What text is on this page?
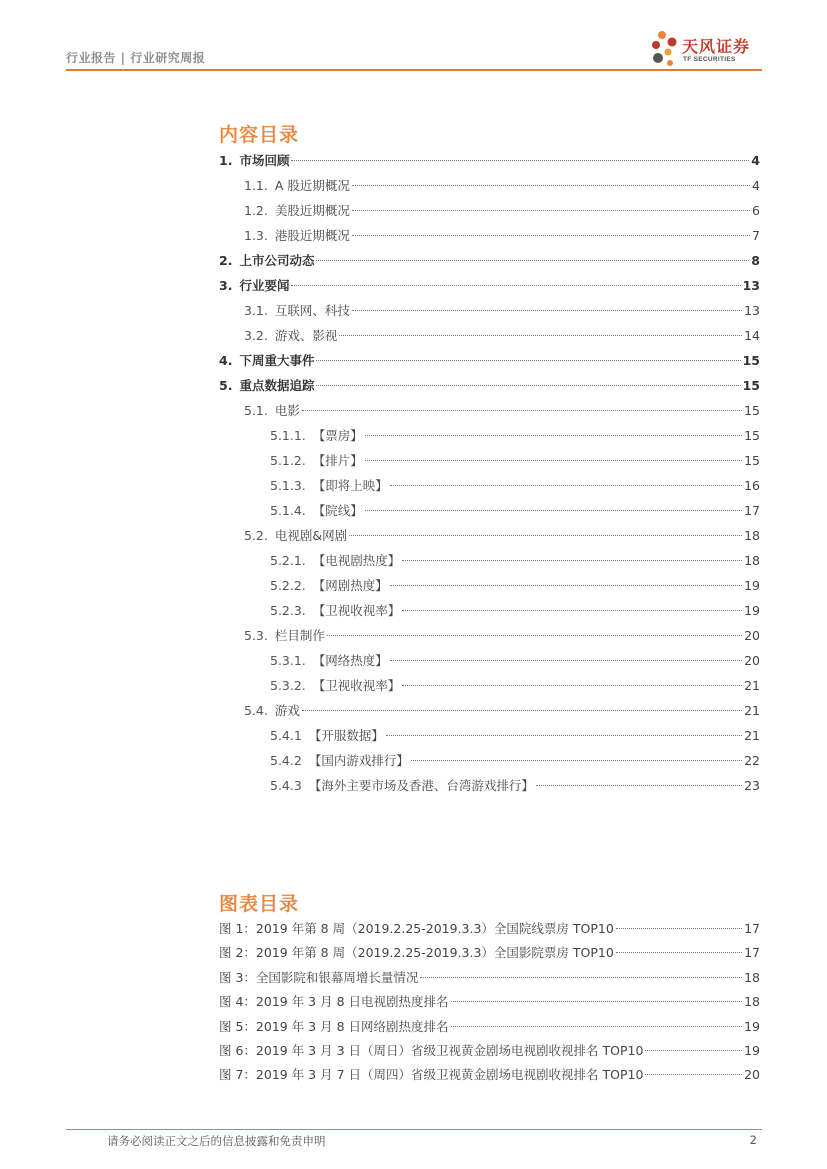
行业报告 | 行业研究周报
天风证券
TF SECURITIES
内容目录
1. 市场回顾	4
1.1. A 股近期概况	4
1.2. 美股近期概况	6
1.3. 港股近期概况	7
2. 上市公司动态	8
3. 行业要闻	13
3.1. 互联网、科技	13
3.2. 游戏、影视	14
4. 下周重大事件	15
5. 重点数据追踪	15
5.1. 电影	15
5.1.1. 【票房】	15
5.1.2. 【排片】	15
5.1.3. 【即将上映】	16
5.1.4. 【院线】	17
5.2. 电视剧&网剧	18
5.2.1. 【电视剧热度】	18
5.2.2. 【网剧热度】	19
5.2.3. 【卫视收视率】	19
5.3. 栏目制作	20
5.3.1. 【网络热度】	20
5.3.2. 【卫视收视率】	21
5.4. 游戏	21
5.4.1 【开服数据】	21
5.4.2 【国内游戏排行】	22
5.4.3 【海外主要市场及香港、台湾游戏排行】	23
图表目录
图 1：2019 年第 8 周（2019.2.25-2019.3.3）全国院线票房 TOP10	17
图 2：2019 年第 8 周（2019.2.25-2019.3.3）全国影院票房 TOP10	17
图 3：全国影院和银幕周增长量情况	18
图 4：2019 年 3 月 8 日电视剧热度排名	18
图 5：2019 年 3 月 8 日网络剧热度排名	19
图 6：2019 年 3 月 3 日（周日）省级卫视黄金剧场电视剧收视排名 TOP10	19
图 7：2019 年 3 月 7 日（周四）省级卫视黄金剧场电视剧收视排名 TOP10	20
请务必阅读正文之后的信息披露和免责申明	2
